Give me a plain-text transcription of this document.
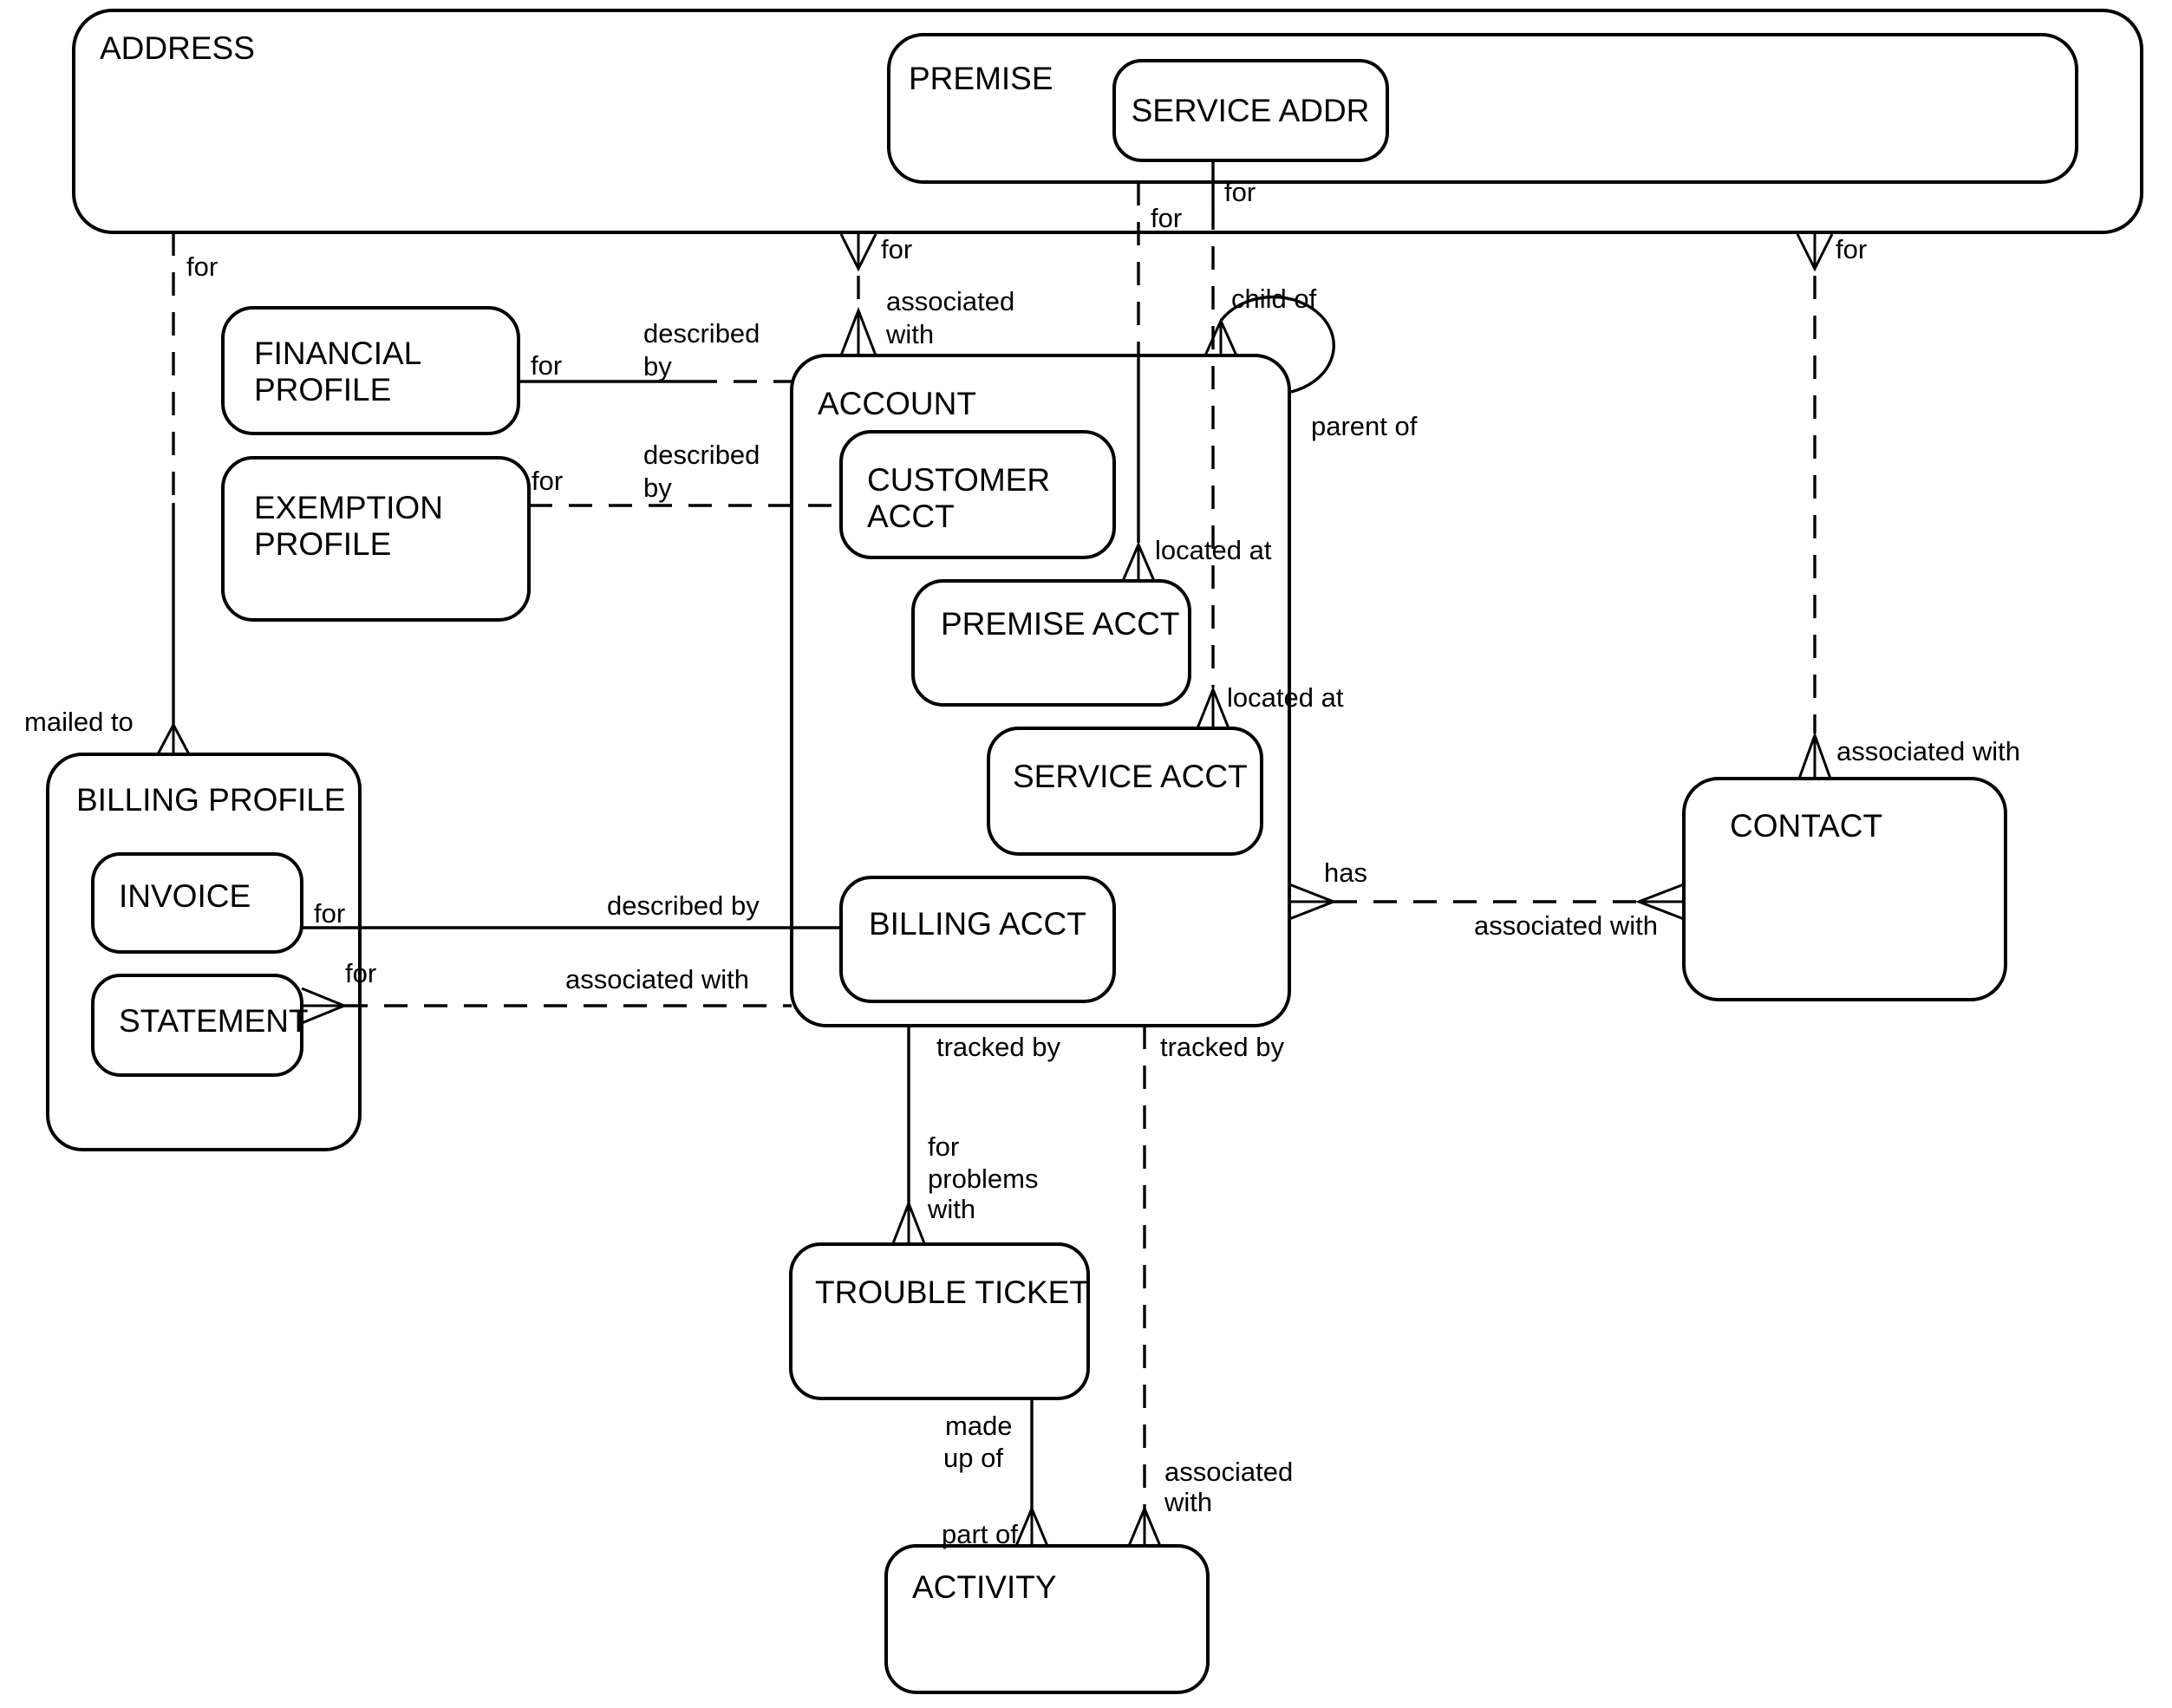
ADDRESS
PREMISE
SERVICE ADDR
FINANCIAL
PROFILE
EXEMPTION
PROFILE
ACCOUNT
CUSTOMER
ACCT
PREMISE ACCT
SERVICE ACCT
BILLING ACCT
BILLING PROFILE
INVOICE
STATEMENT
CONTACT
TROUBLE TICKET
ACTIVITY
for
mailed to
for
described
by
for
described
by
for
associated
with
for
located at
for
located at
child of
parent of
for
associated with
has
associated with
for	described by
for	associated with
tracked by
for
problems
with
tracked by
associated
with
made
up of
part of
